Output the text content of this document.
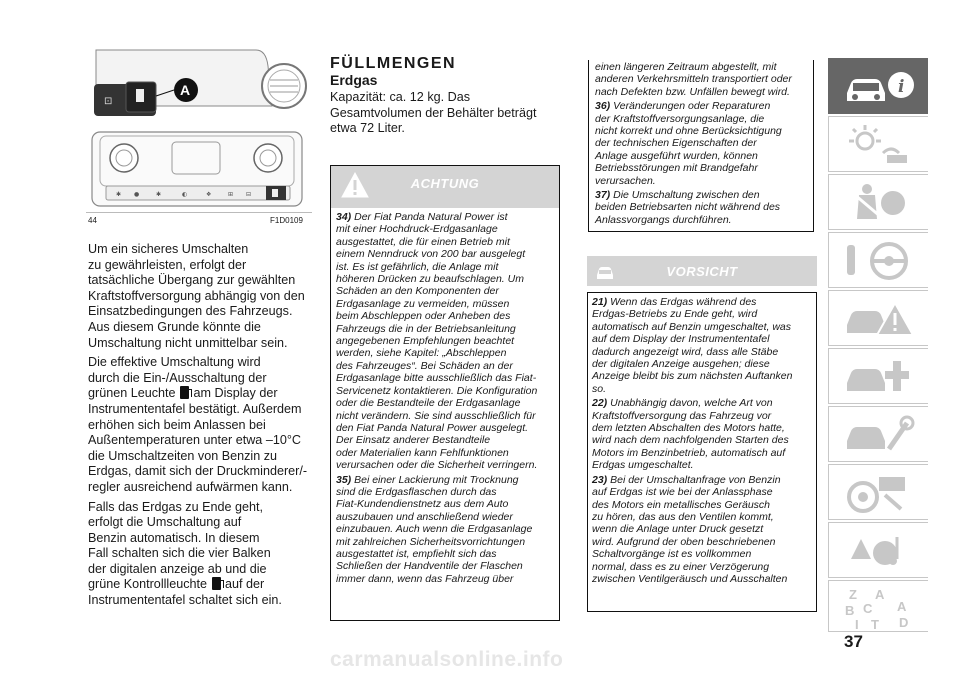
⊡
A
✱ ●	✱	◐	❖	⊞ ⊟
44	F1D0109

Um ein sicheres Umschalten
zu gewährleisten, erfolgt der
tatsächliche Übergang zur gewählten
Kraftstoffversorgung abhängig von den
Einsatzbedingungen des Fahrzeugs.
Aus diesem Grunde könnte die
Umschaltung nicht unmittelbar sein.

Die effektive Umschaltung wird
durch die Ein-/Ausschaltung der

grünen Leuchte am Display der

Instrumententafel bestätigt. Außerdem
erhöhen sich beim Anlassen bei
Außentemperaturen unter etwa –10°C
die Umschaltzeiten von Benzin zu
Erdgas, damit sich der Druckminderer/-
regler ausreichend aufwärmen kann.

Falls das Erdgas zu Ende geht,
erfolgt die Umschaltung auf
Benzin automatisch. In diesem
Fall schalten sich die vier Balken
der digitalen anzeige ab und die

grüne Kontrollleuchte auf der

Instrumententafel schaltet sich ein.

FÜLLMENGEN
Erdgas
Kapazität: ca. 12 kg. Das
Gesamtvolumen der Behälter beträgt
etwa 72 Liter.
ACHTUNG
34) Der Fiat Panda Natural Power ist
mit einer Hochdruck-Erdgasanlage
ausgestattet, die für einen Betrieb mit
einem Nenndruck von 200 bar ausgelegt
ist. Es ist gefährlich, die Anlage mit
höheren Drücken zu beaufschlagen. Um
Schäden an den Komponenten der
Erdgasanlage zu vermeiden, müssen
beim Abschleppen oder Anheben des
Fahrzeugs die in der Betriebsanleitung
angegebenen Empfehlungen beachtet
werden, siehe Kapitel: „Abschleppen
des Fahrzeuges“. Bei Schäden an der
Erdgasanlage bitte ausschließlich das Fiat-
Servicenetz kontaktieren. Die Konfiguration
oder die Bestandteile der Erdgasanlage
nicht verändern. Sie sind ausschließlich für
den Fiat Panda Natural Power ausgelegt.
Der Einsatz anderer Bestandteile
oder Materialien kann Fehlfunktionen
verursachen oder die Sicherheit verringern.
35) Bei einer Lackierung mit Trocknung
sind die Erdgasflaschen durch das
Fiat-Kundendienstnetz aus dem Auto
auszubauen und anschließend wieder
einzubauen. Auch wenn die Erdgasanlage
mit zahlreichen Sicherheitsvorrichtungen
ausgestattet ist, empfiehlt sich das
Schließen der Handventile der Flaschen
immer dann, wenn das Fahrzeug über
einen längeren Zeitraum abgestellt, mit
anderen Verkehrsmitteln transportiert oder
nach Defekten bzw. Unfällen bewegt wird.
36) Veränderungen oder Reparaturen
der Kraftstoffversorgungsanlage, die
nicht korrekt und ohne Berücksichtigung
der technischen Eigenschaften der
Anlage ausgeführt wurden, können
Betriebsstörungen mit Brandgefahr
verursachen.
37) Die Umschaltung zwischen den
beiden Betriebsarten nicht während des
Anlassvorgangs durchführen.
VORSICHT
21) Wenn das Erdgas während des
Erdgas-Betriebs zu Ende geht, wird
automatisch auf Benzin umgeschaltet, was
auf dem Display der Instrumententafel
dadurch angezeigt wird, dass alle Stäbe
der digitalen Anzeige ausgehen; diese
Anzeige bleibt bis zum nächsten Auftanken
so.
22) Unabhängig davon, welche Art von
Kraftstoffversorgung das Fahrzeug vor
dem letzten Abschalten des Motors hatte,
wird nach dem nachfolgenden Starten des
Motors im Benzinbetrieb, automatisch auf
Erdgas umgeschaltet.
23) Bei der Umschaltanfrage von Benzin
auf Erdgas ist wie bei der Anlassphase
des Motors ein metallisches Geräusch
zu hören, das aus den Ventilen kommt,
wenn die Anlage unter Druck gesetzt
wird. Aufgrund der oben beschriebenen
Schaltvorgänge ist es vollkommen
normal, dass es zu einer Verzögerung
zwischen Ventilgeräusch und Ausschalten
i
Z A
B C A
I T D
37
carmanualsonline.info
